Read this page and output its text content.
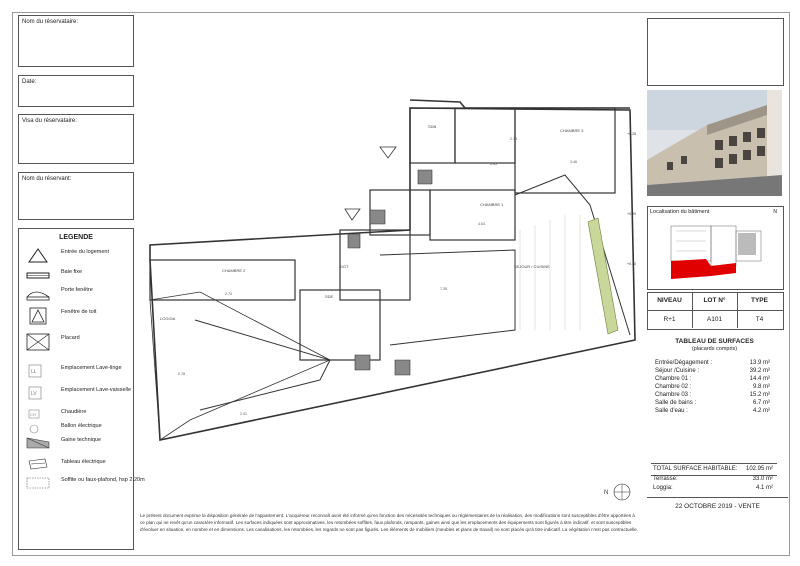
Nom du réservataire:
Date:
Visa du réservataire:
Nom du réservant:
LEGENDE
Entrée du logement
Baie fixe
Porte fenêtre
Fenêtre de toit
Placard
LL
Emplacement Lave-linge
LV
Emplacement Lave-vaisselle
CH	Chaudière
Ballon électrique
Gaine technique
Tableau électrique
Soffite ou faux-plafond, hsp 2.20m
N
CHAMBRE 2
CHAMBRE 3
CHAMBRE 1
SDB
SDE
SEJOUR / CUISINE
LOGGIA
DGT
2.70
3.46
4.63
2.73
2.65
7.35
0.78
2.01
+0.25
+0.20
+0.20	Localisation du bâtiment	N
NIVEAU	LOT N°	TYPE
R+1	A101	T4
TABLEAU DE SURFACES
(placards compris)
Entrée/Dégagement :	13.9 m²
Séjour /Cuisine :	39.2 m²
Chambre 01 :	14.4 m²
Chambre 02 :	9.8 m²
Chambre 03 :	15.2 m²
Salle de bains :	6.7 m²
Salle d'eau :	4.2 m²
TOTAL SURFACE HABITABLE: 102.95 m²
Terrasse:	33.0 m²
Loggia:	4.1 m²
22 OCTOBRE 2019 - VENTE
Le présent document exprime la disposition générale de l'appartement. L'acquéreur reconnaît avoir été informé qu'en fonction des nécessités techniques ou réglementaires de la réalisation, des modifications sont susceptibles d'être apportées à ce plan qui ne revêt qu'un caractère informatif. Les surfaces indiquées sont approximatives, les retombées soffites, faux plafonds, rampants, gaines ainsi que les emplacements des équipements sont figurés à titre indicatif, et sont susceptibles d'évoluer en situation, en nombre et en dimensions. Les canalisations, les retombées, les regards ne sont pas figurés. Les éléments de mobiliers (meubles et plans de travail) ne sont placés qu'à titre indicatif. La végétation n'est pas contractuelle.
